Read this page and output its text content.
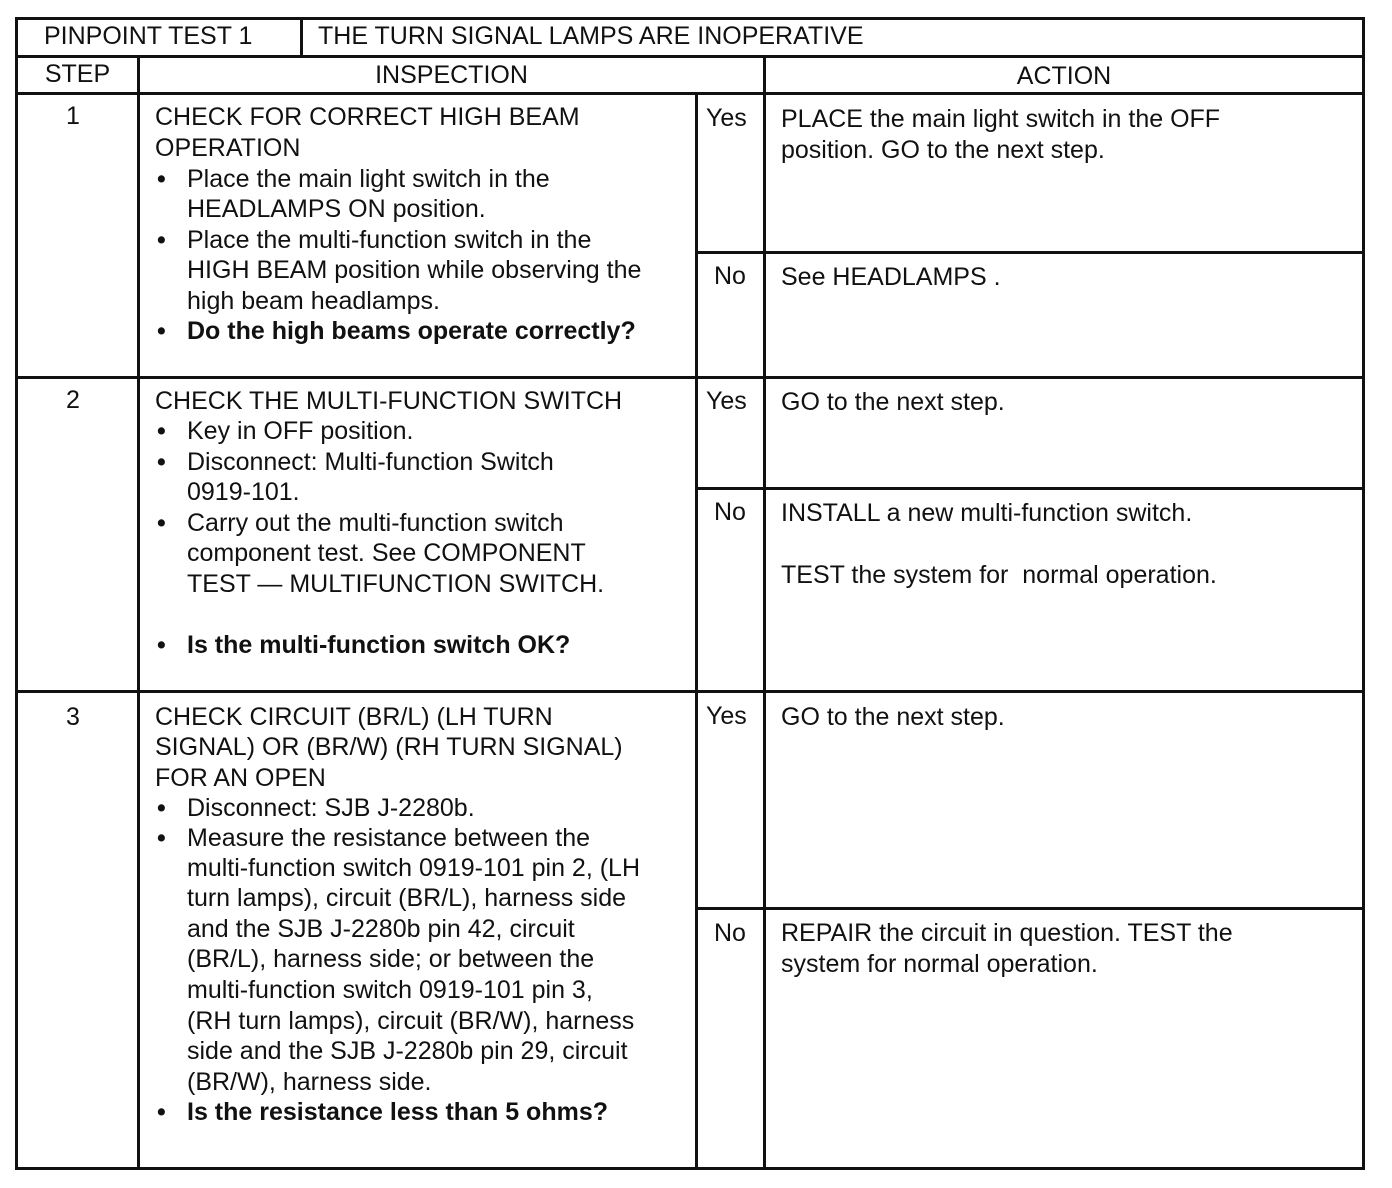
PINPOINT TEST 1	THE TURN SIGNAL LAMPS ARE INOPERATIVE
STEP	INSPECTION	ACTION
1	CHECK FOR CORRECT HIGH BEAM
OPERATION
• Place the main light switch in the
HEADLAMPS ON position.
• Place the multi-function switch in the
HIGH BEAM position while observing the
high beam headlamps.
• Do the high beams operate correctly?
Yes PLACE the main light switch in the OFF
position. GO to the next step.
No See HEADLAMPS .
2	CHECK THE MULTI-FUNCTION SWITCH
• Key in OFF position.
• Disconnect: Multi-function Switch
0919-101.
• Carry out the multi-function switch
component test. See COMPONENT
TEST — MULTIFUNCTION SWITCH.
• Is the multi-function switch OK?
Yes GO to the next step.
No INSTALL a new multi-function switch.
TEST the system for  normal operation.
3	CHECK CIRCUIT (BR/L) (LH TURN
SIGNAL) OR (BR/W) (RH TURN SIGNAL)
FOR AN OPEN
• Disconnect: SJB J-2280b.
• Measure the resistance between the
multi-function switch 0919-101 pin 2, (LH
turn lamps), circuit (BR/L), harness side
and the SJB J-2280b pin 42, circuit
(BR/L), harness side; or between the
multi-function switch 0919-101 pin 3,
(RH turn lamps), circuit (BR/W), harness
side and the SJB J-2280b pin 29, circuit
(BR/W), harness side.
• Is the resistance less than 5 ohms?
Yes GO to the next step.
No REPAIR the circuit in question. TEST the
system for normal operation.
